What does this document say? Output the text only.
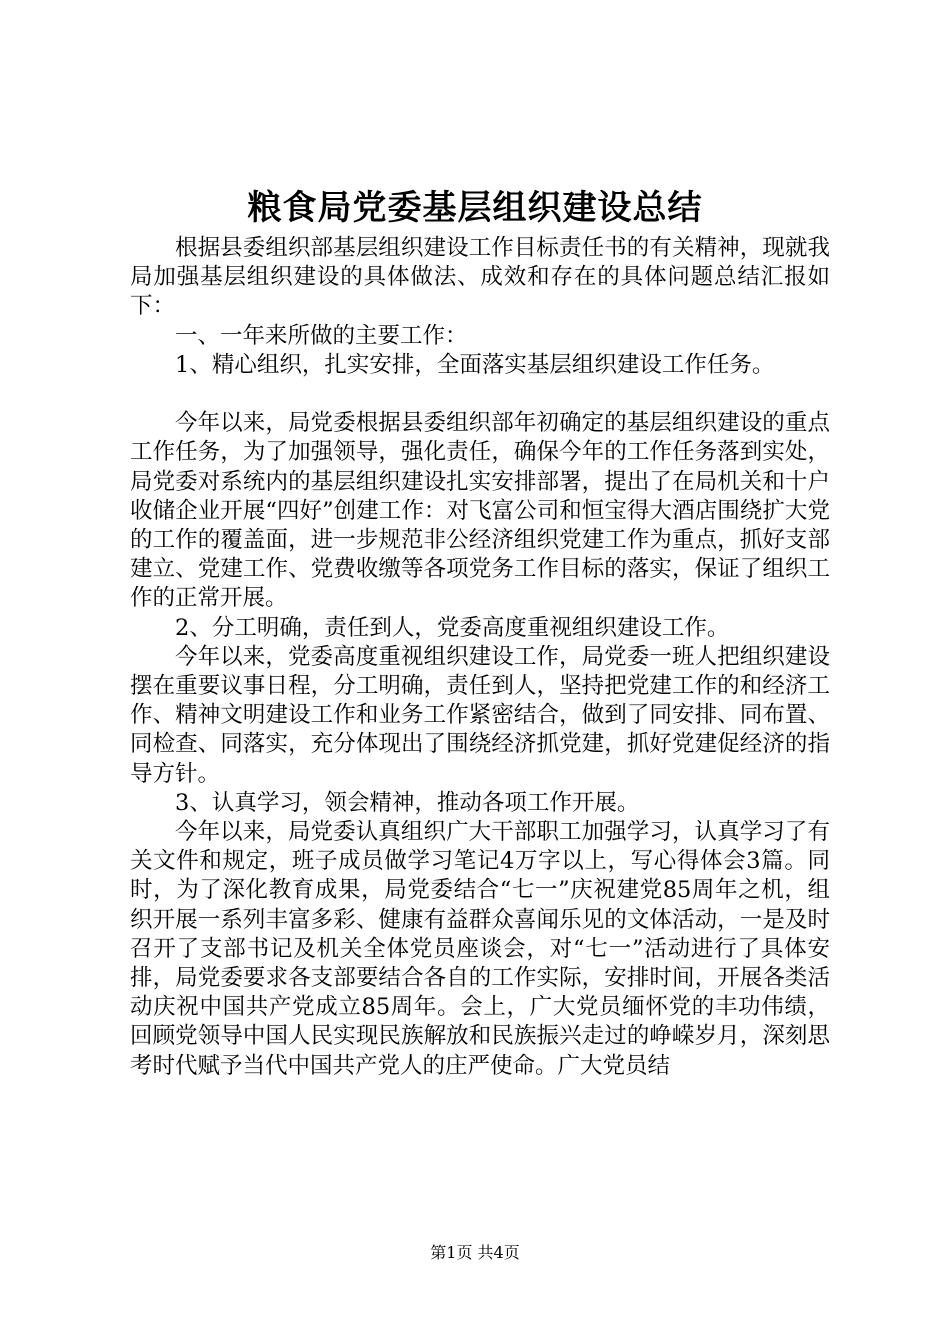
粮食局党委基层组织建设总结

根据县委组织部基层组织建设工作目标责任书的有关精神，现就我局加强基层组织建设的具体做法、成效和存在的具体问题总结汇报如下：

一、一年来所做的主要工作：

1、精心组织，扎实安排，全面落实基层组织建设工作任务。

今年以来，局党委根据县委组织部年初确定的基层组织建设的重点工作任务，为了加强领导，强化责任，确保今年的工作任务落到实处，局党委对系统内的基层组织建设扎实安排部署，提出了在局机关和十户收储企业开展“四好”创建工作：对飞富公司和恒宝得大酒店围绕扩大党的工作的覆盖面，进一步规范非公经济组织党建工作为重点，抓好支部建立、党建工作、党费收缴等各项党务工作目标的落实，保证了组织工作的正常开展。

2、分工明确，责任到人，党委高度重视组织建设工作。

今年以来，党委高度重视组织建设工作，局党委一班人把组织建设摆在重要议事日程，分工明确，责任到人，坚持把党建工作的和经济工作、精神文明建设工作和业务工作紧密结合，做到了同安排、同布置、同检查、同落实，充分体现出了围绕经济抓党建，抓好党建促经济的指导方针。

3、认真学习，领会精神，推动各项工作开展。

今年以来，局党委认真组织广大干部职工加强学习，认真学习了有关文件和规定，班子成员做学习笔记4万字以上，写心得体会3篇。同时，为了深化教育成果，局党委结合“七一”庆祝建党85周年之机，组织开展一系列丰富多彩、健康有益群众喜闻乐见的文体活动，一是及时召开了支部书记及机关全体党员座谈会，对“七一”活动进行了具体安排，局党委要求各支部要结合各自的工作实际，安排时间，开展各类活动庆祝中国共产党成立85周年。会上，广大党员缅怀党的丰功伟绩，回顾党领导中国人民实现民族解放和民族振兴走过的峥嵘岁月，深刻思考时代赋予当代中国共产党人的庄严使命。广大党员结

第1页 共4页
